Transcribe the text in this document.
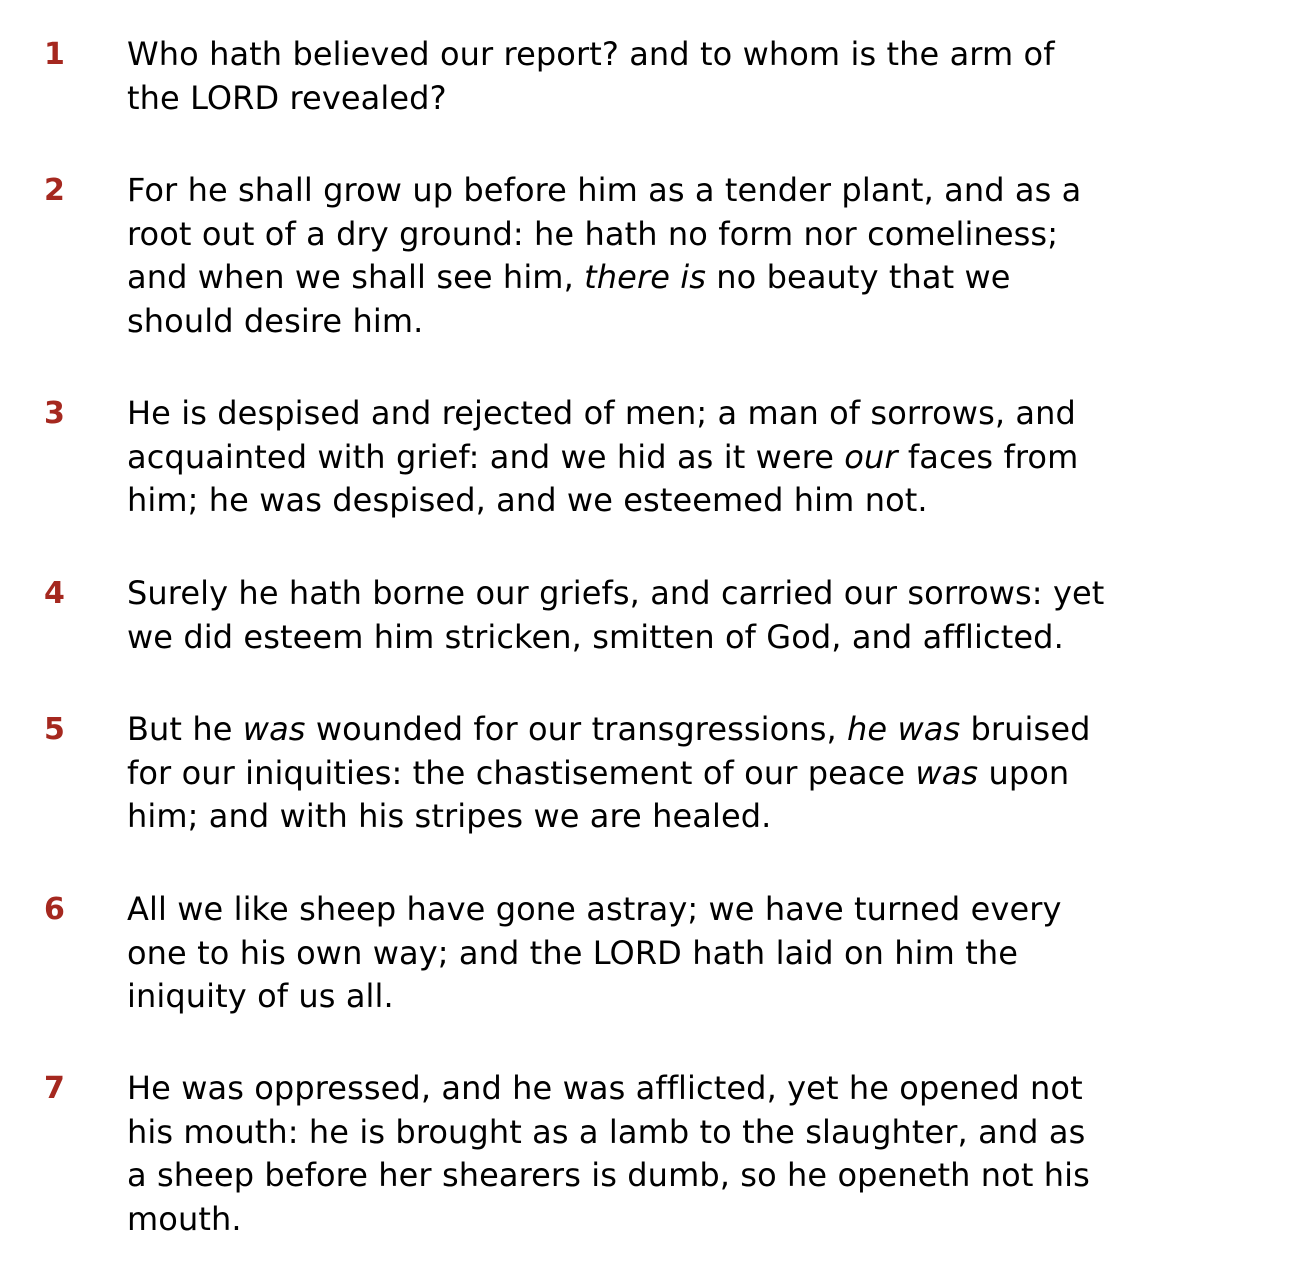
1	Who hath believed our report? and to whom is the arm of
the LORD revealed?
2	For he shall grow up before him as a tender plant, and as a
root out of a dry ground: he hath no form nor comeliness;
and when we shall see him, there is no beauty that we
should desire him.
3	He is despised and rejected of men; a man of sorrows, and
acquainted with grief: and we hid as it were our faces from
him; he was despised, and we esteemed him not.
4	Surely he hath borne our griefs, and carried our sorrows: yet
we did esteem him stricken, smitten of God, and afflicted.
5	But he was wounded for our transgressions, he was bruised
for our iniquities: the chastisement of our peace was upon
him; and with his stripes we are healed.
6	All we like sheep have gone astray; we have turned every
one to his own way; and the LORD hath laid on him the
iniquity of us all.
7	He was oppressed, and he was afflicted, yet he opened not
his mouth: he is brought as a lamb to the slaughter, and as
a sheep before her shearers is dumb, so he openeth not his
mouth.
